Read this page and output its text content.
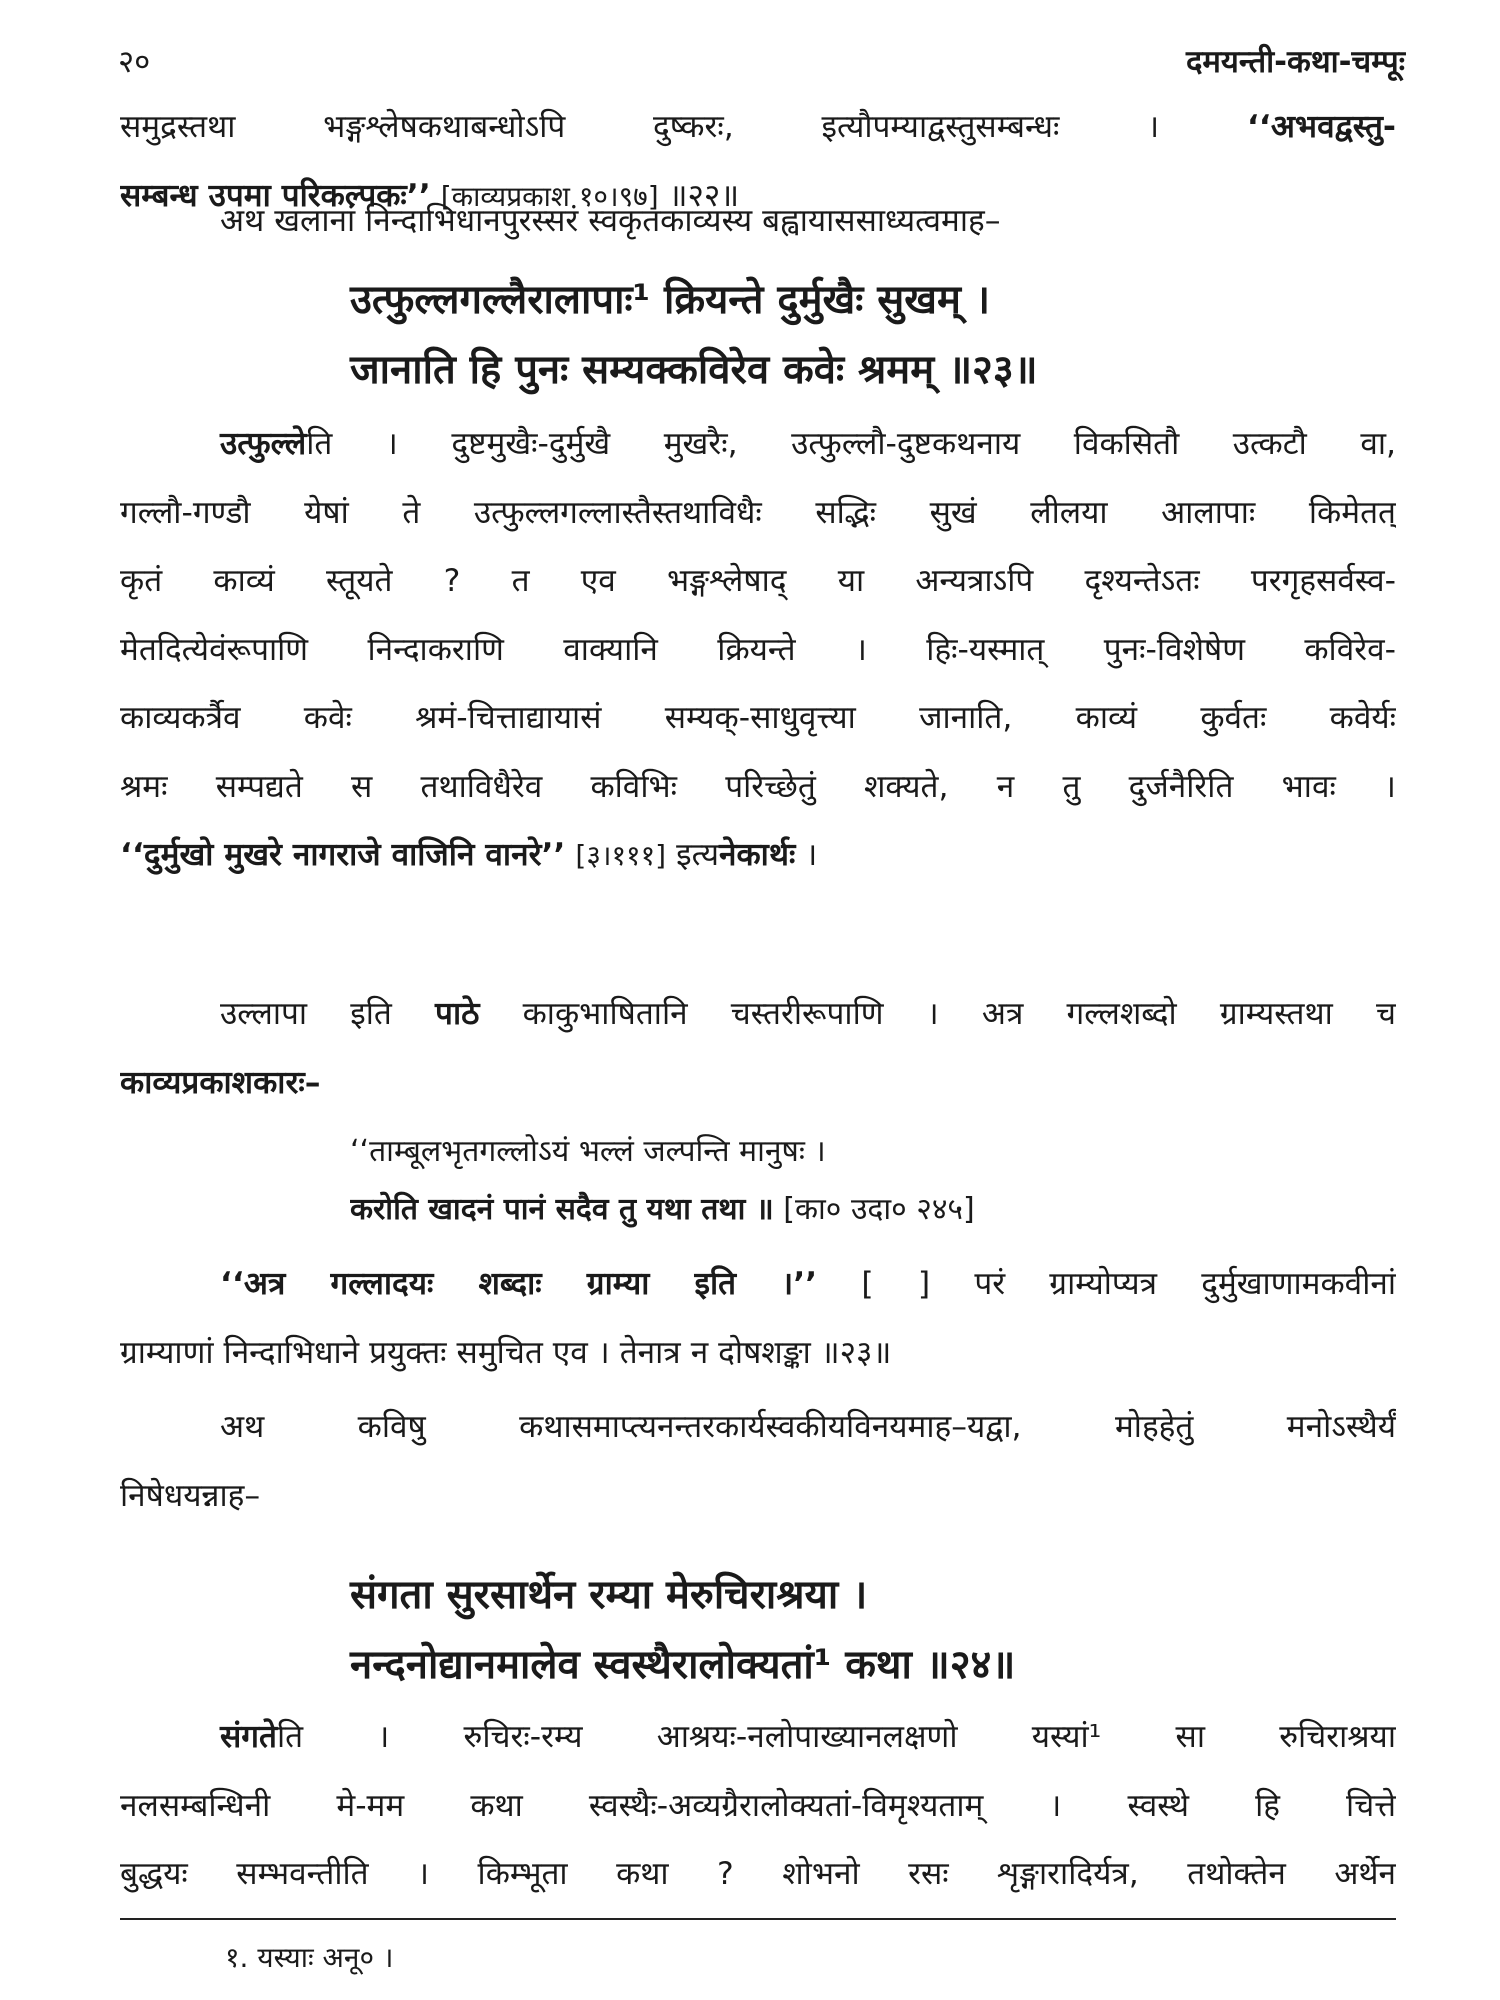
२०	दमयन्ती-कथा-चम्पूः
समुद्रस्तथा भङ्गश्लेषकथाबन्धोऽपि दुष्करः, इत्यौपम्याद्वस्तुसम्बन्धः ।	‘‘अभवद्वस्तु-
सम्बन्ध उपमा परिकल्पकः’’ [काव्यप्रकाश १०।९७] ॥२२॥
अथ खलानां निन्दाभिधानपुरस्सरं स्वकृतकाव्यस्य बह्वायाससाध्यत्वमाह–
उत्फुल्लगल्लैरालापाः¹ क्रियन्ते दुर्मुखैः सुखम् ।
जानाति हि पुनः सम्यक्कविरेव कवेः श्रमम् ॥२३॥
उत्फुल्लेति । दुष्टमुखैः-दुर्मुखै मुखरैः, उत्फुल्लौ-दुष्टकथनाय विकसितौ उत्कटौ वा,
गल्लौ-गण्डौ येषां ते उत्फुल्लगल्लास्तैस्तथाविधैः सद्भिः सुखं लीलया आलापाः किमेतत्
कृतं काव्यं स्तूयते ? त एव भङ्गश्लेषाद् या अन्यत्राऽपि दृश्यन्तेऽतः परगृहसर्वस्व-
मेतदित्येवंरूपाणि निन्दाकराणि वाक्यानि क्रियन्ते । हिः-यस्मात् पुनः-विशेषेण कविरेव-
काव्यकर्त्रैव कवेः श्रमं-चित्ताद्यायासं सम्यक्-साधुवृत्त्या जानाति, काव्यं कुर्वतः कवेर्यः
श्रमः सम्पद्यते स तथाविधैरेव कविभिः परिच्छेतुं शक्यते, न तु दुर्जनैरिति भावः ।
‘‘दुर्मुखो मुखरे नागराजे वाजिनि वानरे’’ [३।१११] इत्यनेकार्थः ।
उल्लापा इति पाठे काकुभाषितानि चस्तरीरूपाणि । अत्र गल्लशब्दो ग्राम्यस्तथा च
काव्यप्रकाशकारः–
‘‘ताम्बूलभृतगल्लोऽयं भल्लं जल्पन्ति मानुषः ।
करोति खादनं पानं सदैव तु यथा तथा ॥ [का० उदा० २४५]
‘‘अत्र गल्लादयः शब्दाः ग्राम्या इति ।’’ [ ] परं ग्राम्योप्यत्र दुर्मुखाणामकवीनां
ग्राम्याणां निन्दाभिधाने प्रयुक्तः समुचित एव । तेनात्र न दोषशङ्का ॥२३॥
अथ कविषु कथासमाप्त्यनन्तरकार्यस्वकीयविनयमाह–यद्वा, मोहहेतुं मनोऽस्थैर्यं
निषेधयन्नाह–
संगता सुरसार्थेन रम्या मेरुचिराश्रया ।
नन्दनोद्यानमालेव स्वस्थैरालोक्यतां¹ कथा ॥२४॥
संगतेति । रुचिरः-रम्य आश्रयः-नलोपाख्यानलक्षणो यस्यां¹ सा रुचिराश्रया
नलसम्बन्धिनी मे-मम कथा स्वस्थैः-अव्यग्रैरालोक्यतां-विमृश्यताम् । स्वस्थे हि चित्ते
बुद्धयः सम्भवन्तीति । किम्भूता कथा ? शोभनो रसः शृङ्गारादिर्यत्र, तथोक्तेन अर्थेन
१. यस्याः अनू० ।
